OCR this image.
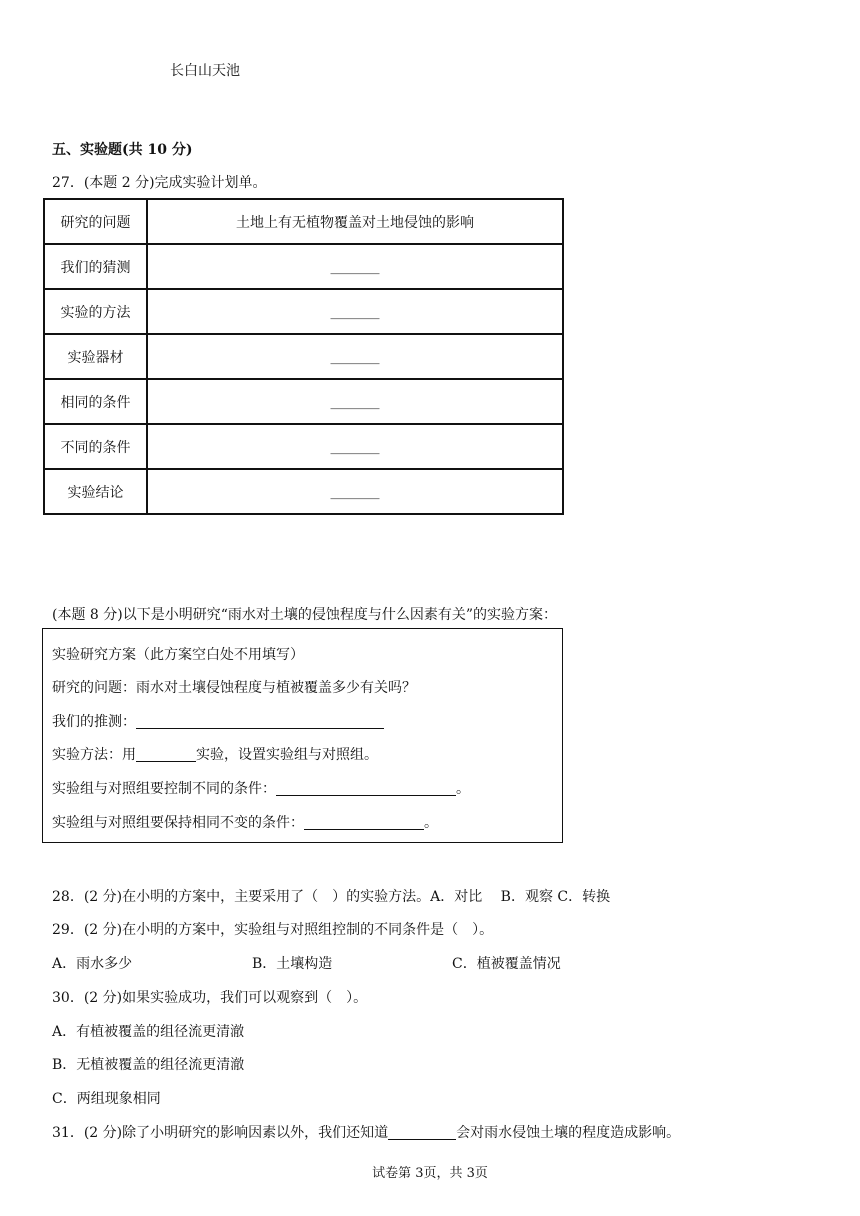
长白山天池
五、实验题(共 10 分)
27．(本题 2 分)完成实验计划单。
研究的问题	土地上有无植物覆盖对土地侵蚀的影响
我们的猜测	_______
实验的方法	_______
实验器材	_______
相同的条件	_______
不同的条件	_______
实验结论	_______
(本题 8 分)以下是小明研究“雨水对土壤的侵蚀程度与什么因素有关”的实验方案：
实验研究方案（此方案空白处不用填写）
研究的问题：雨水对土壤侵蚀程度与植被覆盖多少有关吗？
我们的推测：
实验方法：用	实验，设置实验组与对照组。
实验组与对照组要控制不同的条件：	。
实验组与对照组要保持相同不变的条件：	。
28．(2 分)在小明的方案中，主要采用了（　）的实验方法。A．对比　 B．观察 C．转换
29．(2 分)在小明的方案中，实验组与对照组控制的不同条件是（　）。
A．雨水多少	B．土壤构造	C．植被覆盖情况
30．(2 分)如果实验成功，我们可以观察到（　）。
A．有植被覆盖的组径流更清澈
B．无植被覆盖的组径流更清澈
C．两组现象相同
31．(2 分)除了小明研究的影响因素以外，我们还知道	会对雨水侵蚀土壤的程度造成影响。
试卷第 3页，共 3页
